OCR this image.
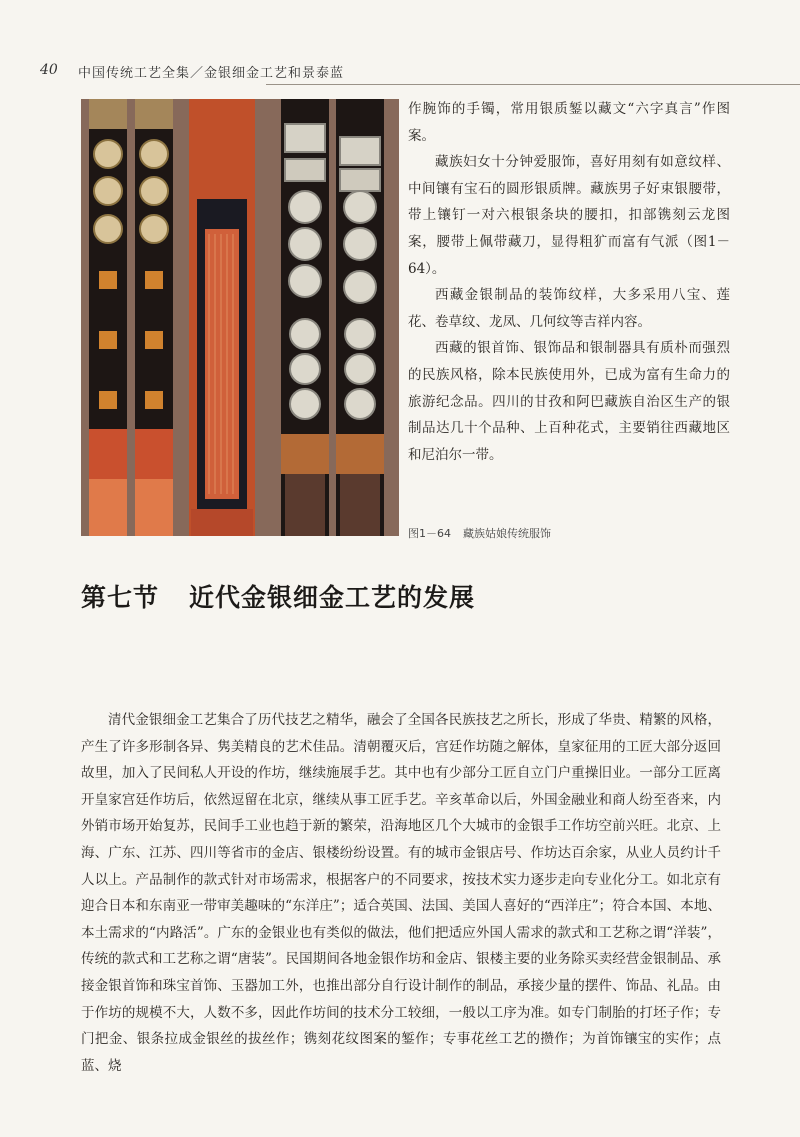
40 中国传统工艺全集／金银细金工艺和景泰蓝

作腕饰的手镯，常用银质錾以藏文“六字真言”作图案。

藏族妇女十分钟爱服饰，喜好用刻有如意纹样、中间镶有宝石的圆形银质牌。藏族男子好束银腰带，带上镶钉一对六根银条块的腰扣，扣部镌刻云龙图案，腰带上佩带藏刀，显得粗犷而富有气派（图1－64）。

西藏金银制品的装饰纹样，大多采用八宝、莲花、卷草纹、龙凤、几何纹等吉祥内容。

西藏的银首饰、银饰品和银制器具有质朴而强烈的民族风格，除本民族使用外，已成为富有生命力的旅游纪念品。四川的甘孜和阿巴藏族自治区生产的银制品达几十个品种、上百种花式，主要销往西藏地区和尼泊尔一带。

图1－64 藏族姑娘传统服饰
第七节 近代金银细金工艺的发展

清代金银细金工艺集合了历代技艺之精华，融会了全国各民族技艺之所长，形成了华贵、精繁的风格，产生了许多形制各异、隽美精良的艺术佳品。清朝覆灭后，宫廷作坊随之解体，皇家征用的工匠大部分返回故里，加入了民间私人开设的作坊，继续施展手艺。其中也有少部分工匠自立门户重操旧业。一部分工匠离开皇家宫廷作坊后，依然逗留在北京，继续从事工匠手艺。辛亥革命以后，外国金融业和商人纷至沓来，内外销市场开始复苏，民间手工业也趋于新的繁荣，沿海地区几个大城市的金银手工作坊空前兴旺。北京、上海、广东、江苏、四川等省市的金店、银楼纷纷设置。有的城市金银店号、作坊达百余家，从业人员约计千人以上。产品制作的款式针对市场需求，根据客户的不同要求，按技术实力逐步走向专业化分工。如北京有迎合日本和东南亚一带审美趣味的“东洋庄”；适合英国、法国、美国人喜好的“西洋庄”；符合本国、本地、本土需求的“内路活”。广东的金银业也有类似的做法，他们把适应外国人需求的款式和工艺称之谓“洋装”，传统的款式和工艺称之谓“唐装”。民国期间各地金银作坊和金店、银楼主要的业务除买卖经营金银制品、承接金银首饰和珠宝首饰、玉器加工外，也推出部分自行设计制作的制品，承接少量的摆件、饰品、礼品。由于作坊的规模不大，人数不多，因此作坊间的技术分工较细，一般以工序为准。如专门制胎的打坯子作；专门把金、银条拉成金银丝的拔丝作；镌刻花纹图案的錾作；专事花丝工艺的攒作；为首饰镶宝的实作；点蓝、烧
